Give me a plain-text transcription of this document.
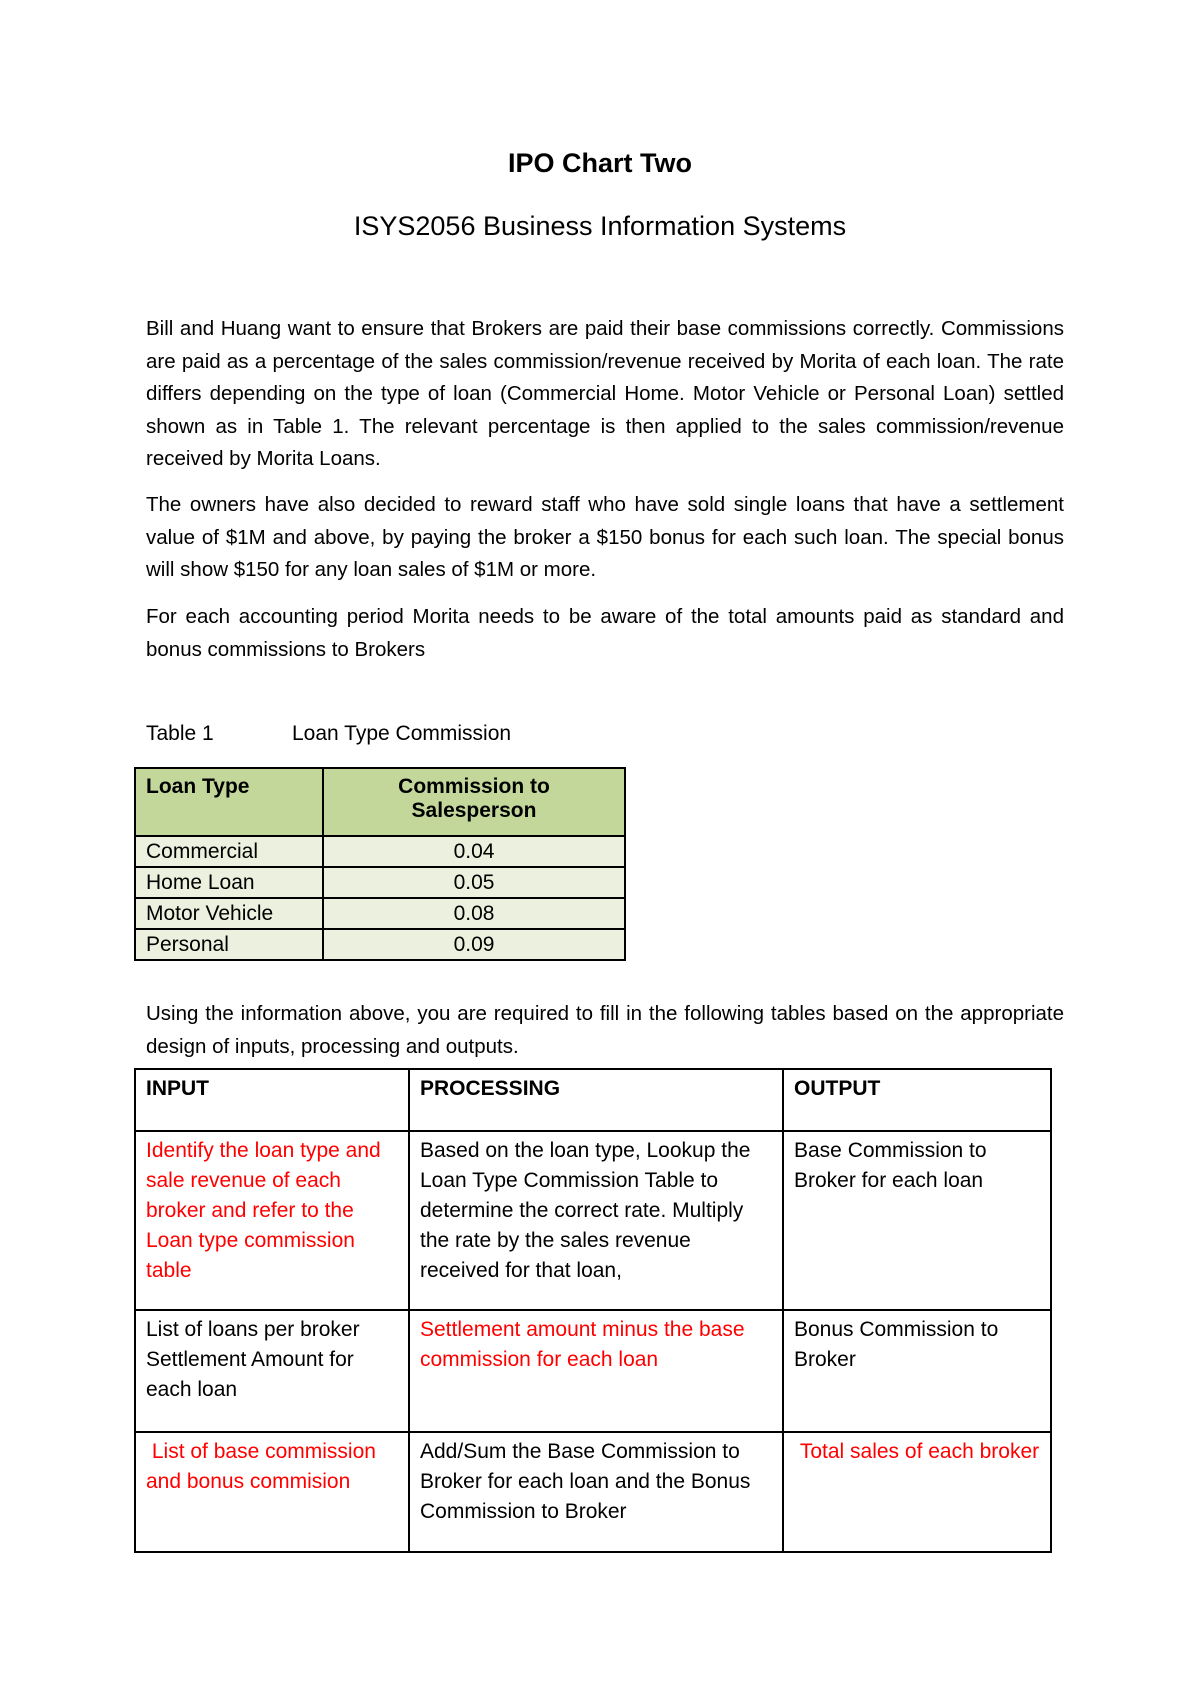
IPO Chart Two
ISYS2056 Business Information Systems
Bill and Huang want to ensure that Brokers are paid their base commissions correctly. Commissions are paid as a percentage of the sales commission/revenue received by Morita of each loan. The rate differs depending on the type of loan (Commercial Home. Motor Vehicle or Personal Loan) settled shown as in Table 1. The relevant percentage is then applied to the sales commission/revenue received by Morita Loans.
The owners have also decided to reward staff who have sold single loans that have a settlement value of $1M and above, by paying the broker a $150 bonus for each such loan. The special bonus will show $150 for any loan sales of $1M or more.
For each accounting period Morita needs to be aware of the total amounts paid as standard and bonus commissions to Brokers
Table 1	Loan Type Commission
Loan Type	Commission to Salesperson
Commercial	0.04
Home Loan	0.05
Motor Vehicle	0.08
Personal	0.09
Using the information above, you are required to fill in the following tables based on the appropriate design of inputs, processing and outputs.
INPUT	PROCESSING	OUTPUT
Identify the loan type and sale revenue of each broker and refer to the Loan type commission table	Based on the loan type, Lookup the Loan Type Commission Table to determine the correct rate. Multiply the rate by the sales revenue received for that loan,	Base Commission to Broker for each loan
List of loans per broker Settlement Amount for each loan	Settlement amount minus the base commission for each loan	Bonus Commission to Broker
List of base commission and bonus commision	Add/Sum the Base Commission to Broker for each loan and the Bonus Commission to Broker	Total sales of each broker
